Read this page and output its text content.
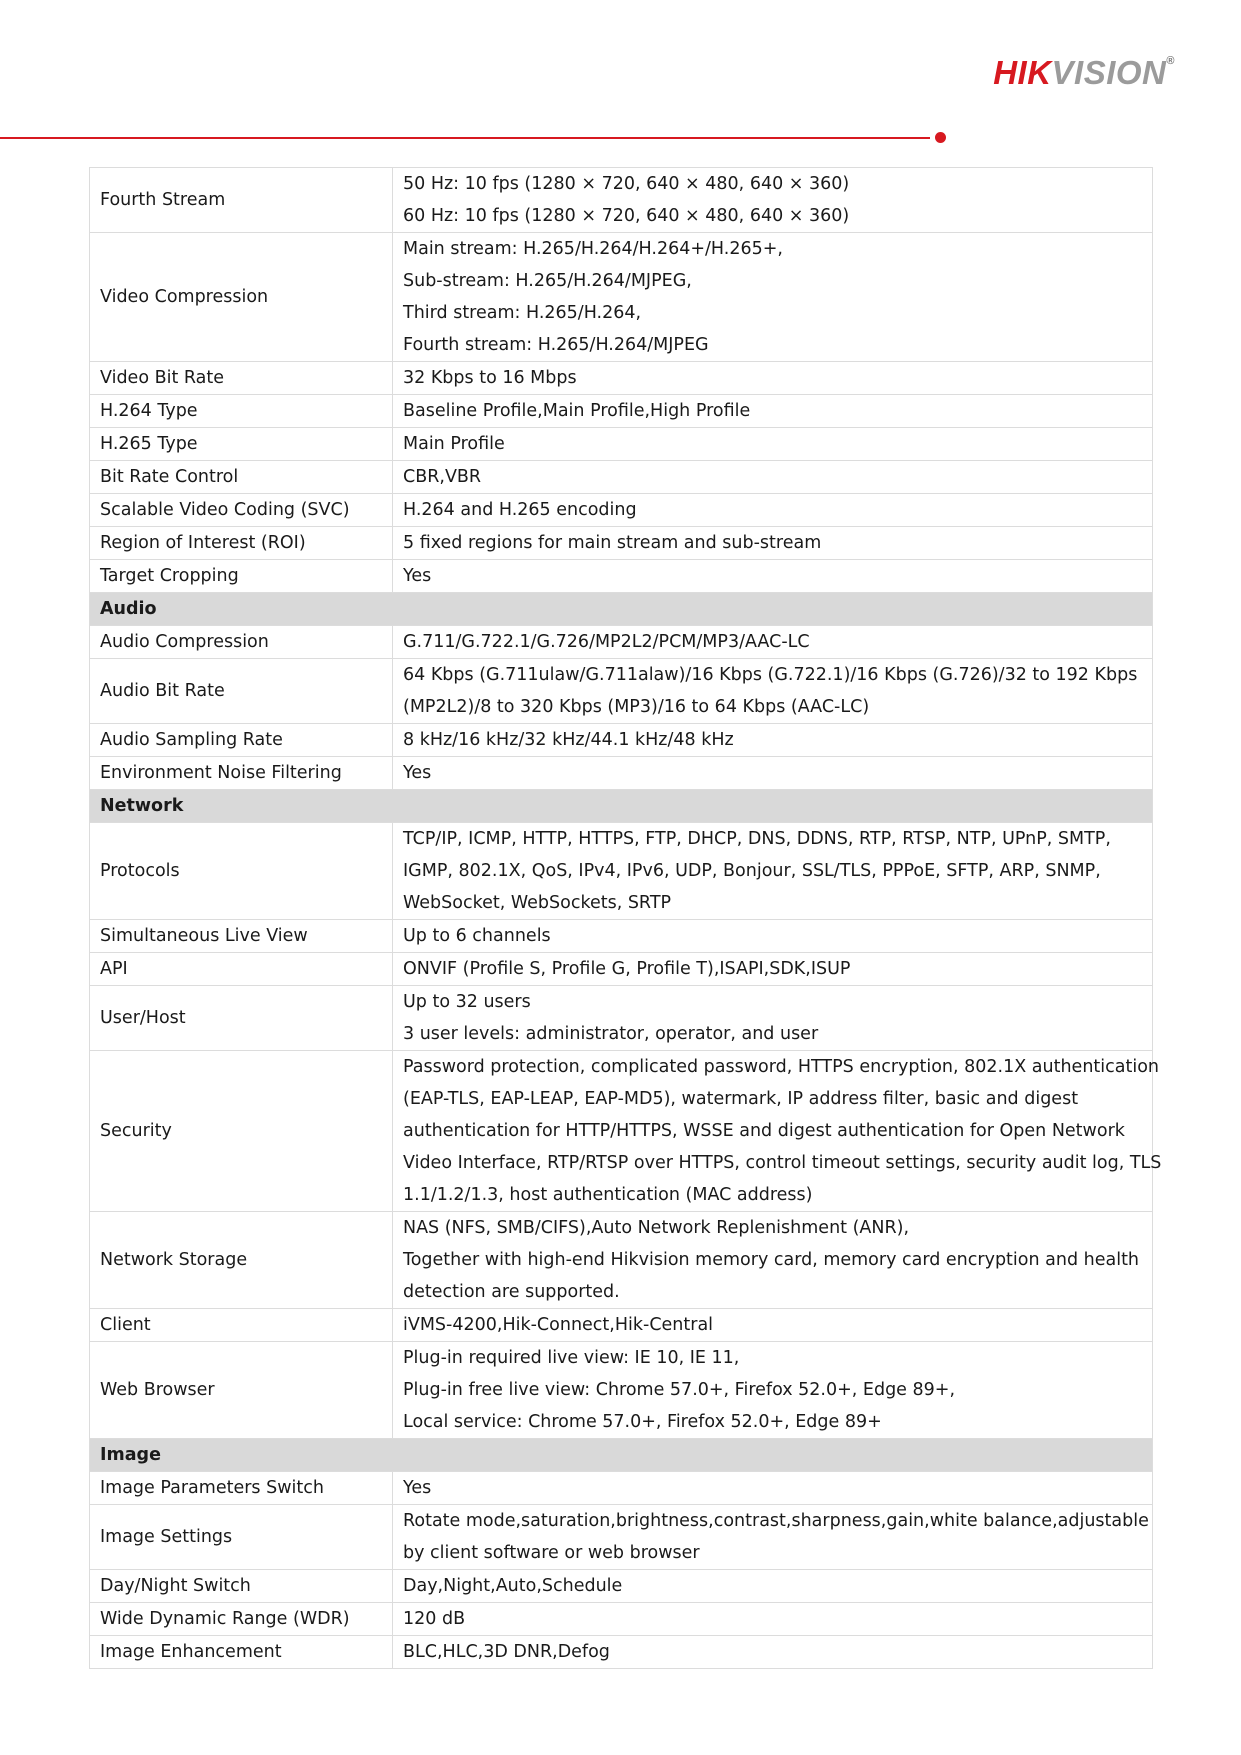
HIKVISION®
Fourth Stream	50 Hz: 10 fps (1280 × 720, 640 × 480, 640 × 360)
60 Hz: 10 fps (1280 × 720, 640 × 480, 640 × 360)

Video Compression	Main stream: H.265/H.264/H.264+/H.265+,
Sub-stream: H.265/H.264/MJPEG,
Third stream: H.265/H.264,
Fourth stream: H.265/H.264/MJPEG

Video Bit Rate	32 Kbps to 16 Mbps

H.264 Type	Baseline Profile,Main Profile,High Profile

H.265 Type	Main Profile

Bit Rate Control	CBR,VBR

Scalable Video Coding (SVC)	H.264 and H.265 encoding

Region of Interest (ROI)	5 fixed regions for main stream and sub-stream

Target Cropping	Yes

Audio	
Audio Compression	G.711/G.722.1/G.726/MP2L2/PCM/MP3/AAC-LC

Audio Bit Rate	64 Kbps (G.711ulaw/G.711alaw)/16 Kbps (G.722.1)/16 Kbps (G.726)/32 to 192 Kbps
(MP2L2)/8 to 320 Kbps (MP3)/16 to 64 Kbps (AAC-LC)

Audio Sampling Rate	8 kHz/16 kHz/32 kHz/44.1 kHz/48 kHz

Environment Noise Filtering	Yes

Network	
Protocols	TCP/IP, ICMP, HTTP, HTTPS, FTP, DHCP, DNS, DDNS, RTP, RTSP, NTP, UPnP, SMTP,
IGMP, 802.1X, QoS, IPv4, IPv6, UDP, Bonjour, SSL/TLS, PPPoE, SFTP, ARP, SNMP,
WebSocket, WebSockets, SRTP

Simultaneous Live View	Up to 6 channels

API	ONVIF (Profile S, Profile G, Profile T),ISAPI,SDK,ISUP

User/Host	Up to 32 users
3 user levels: administrator, operator, and user

Security	Password protection, complicated password, HTTPS encryption, 802.1X authentication
(EAP-TLS, EAP-LEAP, EAP-MD5), watermark, IP address filter, basic and digest
authentication for HTTP/HTTPS, WSSE and digest authentication for Open Network
Video Interface, RTP/RTSP over HTTPS, control timeout settings, security audit log, TLS
1.1/1.2/1.3, host authentication (MAC address)

Network Storage	NAS (NFS, SMB/CIFS),Auto Network Replenishment (ANR),
Together with high-end Hikvision memory card, memory card encryption and health
detection are supported.

Client	iVMS-4200,Hik-Connect,Hik-Central

Web Browser	Plug-in required live view: IE 10, IE 11,
Plug-in free live view: Chrome 57.0+, Firefox 52.0+, Edge 89+,
Local service: Chrome 57.0+, Firefox 52.0+, Edge 89+

Image	
Image Parameters Switch	Yes

Image Settings	Rotate mode,saturation,brightness,contrast,sharpness,gain,white balance,adjustable
by client software or web browser

Day/Night Switch	Day,Night,Auto,Schedule

Wide Dynamic Range (WDR)	120 dB

Image Enhancement	BLC,HLC,3D DNR,Defog
